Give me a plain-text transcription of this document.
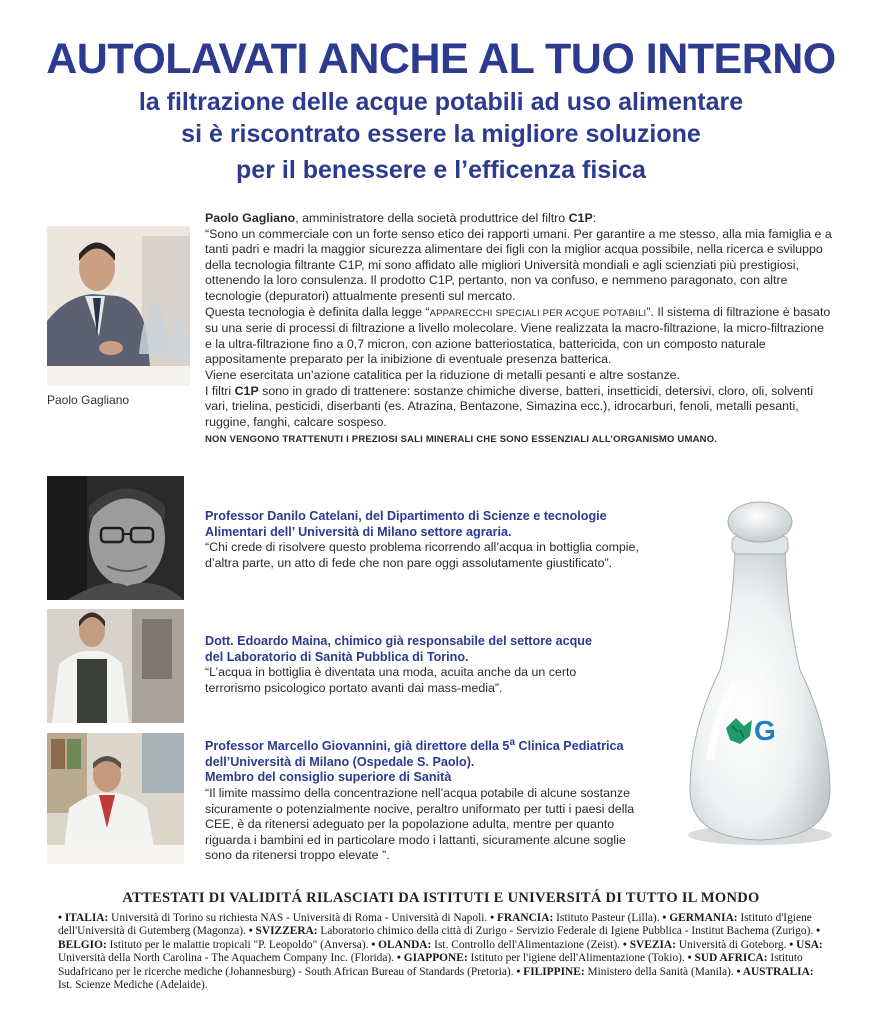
AUTOLAVATI ANCHE AL TUO INTERNO
la filtrazione delle acque potabili ad uso alimentare
si è riscontrato essere la migliore soluzione
per il benessere e l’efficenza fisica
Paolo Gagliano

Paolo Gagliano, amministratore della società produttrice del filtro C1P:

“Sono un commerciale con un forte senso etico dei rapporti umani. Per garantire a me stesso, alla mia famiglia e a tanti padri e madri la maggior sicurezza alimentare dei figli con la miglior acqua possibile, nella ricerca e sviluppo della tecnologia filtrante C1P, mi sono affidato alle migliori Università mondiali e agli scienziati più prestigiosi, ottenendo la loro consulenza. Il prodotto C1P, pertanto, non va confuso, e nemmeno paragonato, con altre tecnologie (depuratori) attualmente presenti sul mercato.

Questa tecnologia è definita dalla legge “APPARECCHI SPECIALI PER ACQUE POTABILI”. Il sistema di filtrazione è basato su una serie di processi di filtrazione a livello molecolare. Viene realizzata la macro-filtrazione, la micro-filtrazione e la ultra-filtrazione fino a 0,7 micron, con azione batteriostatica, battericida, con un composto naturale appositamente preparato per la inibizione di eventuale presenza batterica.

Viene esercitata un’azione catalitica per la riduzione di metalli pesanti e altre sostanze.

I filtri C1P sono in grado di trattenere: sostanze chimiche diverse, batteri, insetticidi, detersivi, cloro, oli, solventi vari, trielina, pesticidi, diserbanti (es. Atrazina, Bentazone, Simazina ecc.), idrocarburi, fenoli, metalli pesanti, ruggine, fanghi, calcare sospeso.

NON VENGONO TRATTENUTI I PREZIOSI SALI MINERALI CHE SONO ESSENZIALI ALL’ORGANISMO UMANO.

Professor Danilo Catelani, del Dipartimento di Scienze e tecnologie

Alimentari dell’ Università di Milano settore agraria.

“Chi crede di risolvere questo problema ricorrendo all’acqua in bottiglia compie, d’altra parte, un atto di fede che non pare oggi assolutamente giustificato”.

Dott. Edoardo Maina, chimico già responsabile del settore acque

del Laboratorio di Sanità Pubblica di Torino.

“L’acqua in bottiglia è diventata una moda, acuita anche da un certo terrorismo psicologico portato avanti dai mass-media”.

Professor Marcello Giovannini, già direttore della 5$^a$ Clinica Pediatrica

dell’Università di Milano (Ospedale S. Paolo).

Membro del consiglio superiore di Sanità

“Il limite massimo della concentrazione nell’acqua potabile di alcune sostanze sicuramente o potenzialmente nocive, peraltro uniformato per tutti i paesi della CEE, è da ritenersi adeguato per la popolazione adulta, mentre per quanto riguarda i bambini ed in particolare modo i lattanti, sicuramente alcune soglie sono da ritenersi troppo elevate ”.

G
ATTESTATI DI VALIDITÁ RILASCIATI DA ISTITUTI E UNIVERSITÁ DI TUTTO IL MONDO
• ITALIA: Università di Torino su richiesta NAS - Università di Roma - Università di Napoli. • FRANCIA: Istituto Pasteur (Lilla). • GERMANIA: Istituto d'Igiene dell'Università di Gutemberg (Magonza). • SVIZZERA: Laboratorio chimico della città di Zurigo - Servizio Federale di Igiene Pubblica - Institut Bachema (Zurigo). • BELGIO: Istituto per le malattie tropicali "P. Leopoldo" (Anversa). • OLANDA: Ist. Controllo dell'Alimentazione (Zeist). • SVEZIA: Università di Goteborg. • USA: Università della North Carolina - The Aquachem Company Inc. (Florida). • GIAPPONE: Istituto per l'igiene dell'Alimentazione (Tokio). • SUD AFRICA: Istituto Sudafricano per le ricerche mediche (Johannesburg) - South African Bureau of Standards (Pretoria). • FILIPPINE: Ministero della Sanità (Manila). • AUSTRALIA: Ist. Scienze Mediche (Adelaide).
